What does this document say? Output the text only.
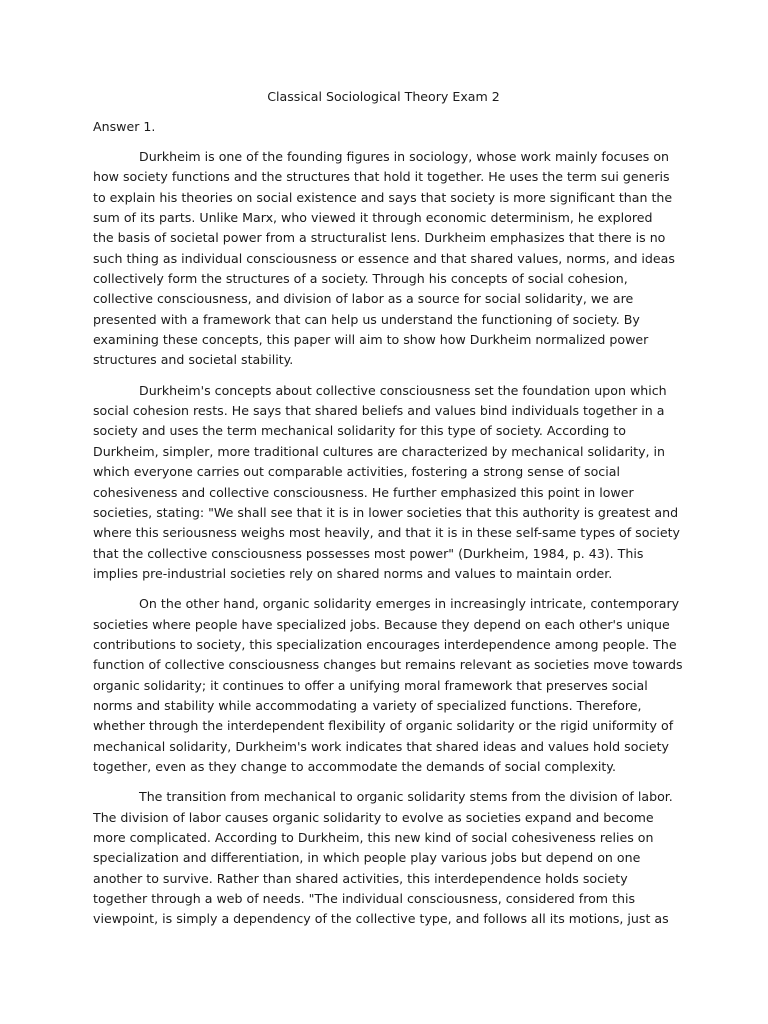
Classical Sociological Theory Exam 2
Answer 1.
Durkheim is one of the founding figures in sociology, whose work mainly focuses on
how society functions and the structures that hold it together. He uses the term sui generis
to explain his theories on social existence and says that society is more significant than the
sum of its parts. Unlike Marx, who viewed it through economic determinism, he explored
the basis of societal power from a structuralist lens. Durkheim emphasizes that there is no
such thing as individual consciousness or essence and that shared values, norms, and ideas
collectively form the structures of a society. Through his concepts of social cohesion,
collective consciousness, and division of labor as a source for social solidarity, we are
presented with a framework that can help us understand the functioning of society. By
examining these concepts, this paper will aim to show how Durkheim normalized power
structures and societal stability.
Durkheim's concepts about collective consciousness set the foundation upon which
social cohesion rests. He says that shared beliefs and values bind individuals together in a
society and uses the term mechanical solidarity for this type of society. According to
Durkheim, simpler, more traditional cultures are characterized by mechanical solidarity, in
which everyone carries out comparable activities, fostering a strong sense of social
cohesiveness and collective consciousness. He further emphasized this point in lower
societies, stating: "We shall see that it is in lower societies that this authority is greatest and
where this seriousness weighs most heavily, and that it is in these self-same types of society
that the collective consciousness possesses most power" (Durkheim, 1984, p. 43). This
implies pre-industrial societies rely on shared norms and values to maintain order.
On the other hand, organic solidarity emerges in increasingly intricate, contemporary
societies where people have specialized jobs. Because they depend on each other's unique
contributions to society, this specialization encourages interdependence among people. The
function of collective consciousness changes but remains relevant as societies move towards
organic solidarity; it continues to offer a unifying moral framework that preserves social
norms and stability while accommodating a variety of specialized functions. Therefore,
whether through the interdependent flexibility of organic solidarity or the rigid uniformity of
mechanical solidarity, Durkheim's work indicates that shared ideas and values hold society
together, even as they change to accommodate the demands of social complexity.
The transition from mechanical to organic solidarity stems from the division of labor.
The division of labor causes organic solidarity to evolve as societies expand and become
more complicated. According to Durkheim, this new kind of social cohesiveness relies on
specialization and differentiation, in which people play various jobs but depend on one
another to survive. Rather than shared activities, this interdependence holds society
together through a web of needs. "The individual consciousness, considered from this
viewpoint, is simply a dependency of the collective type, and follows all its motions, just as
